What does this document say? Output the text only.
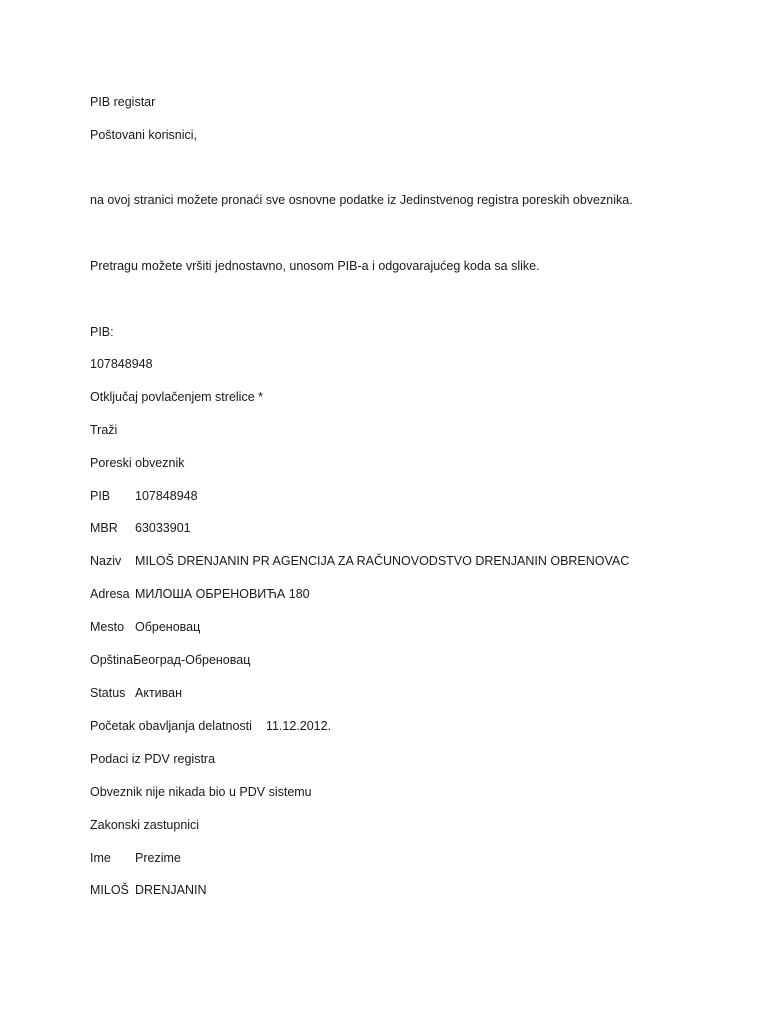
PIB registar
Poštovani korisnici,
na ovoj stranici možete pronaći sve osnovne podatke iz Jedinstvenog registra poreskih obveznika.
Pretragu možete vršiti jednostavno, unosom PIB-a i odgovarajućeg koda sa slike.
PIB:
107848948
Otključaj povlačenjem strelice *
Traži
Poreski obveznik
PIB 107848948
MBR 63033901
Naziv MILOŠ DRENJANIN PR AGENCIJA ZA RAČUNOVODSTVO DRENJANIN OBRENOVAC
Adresa МИЛОША ОБРЕНОВИЋА 180
Mesto Обреновац
OpštinaБеоград-Обреновац
Status Активан
Početak obavljanja delatnosti 11.12.2012.
Podaci iz PDV registra
Obveznik nije nikada bio u PDV sistemu
Zakonski zastupnici
Ime Prezime
MILOŠ DRENJANIN
